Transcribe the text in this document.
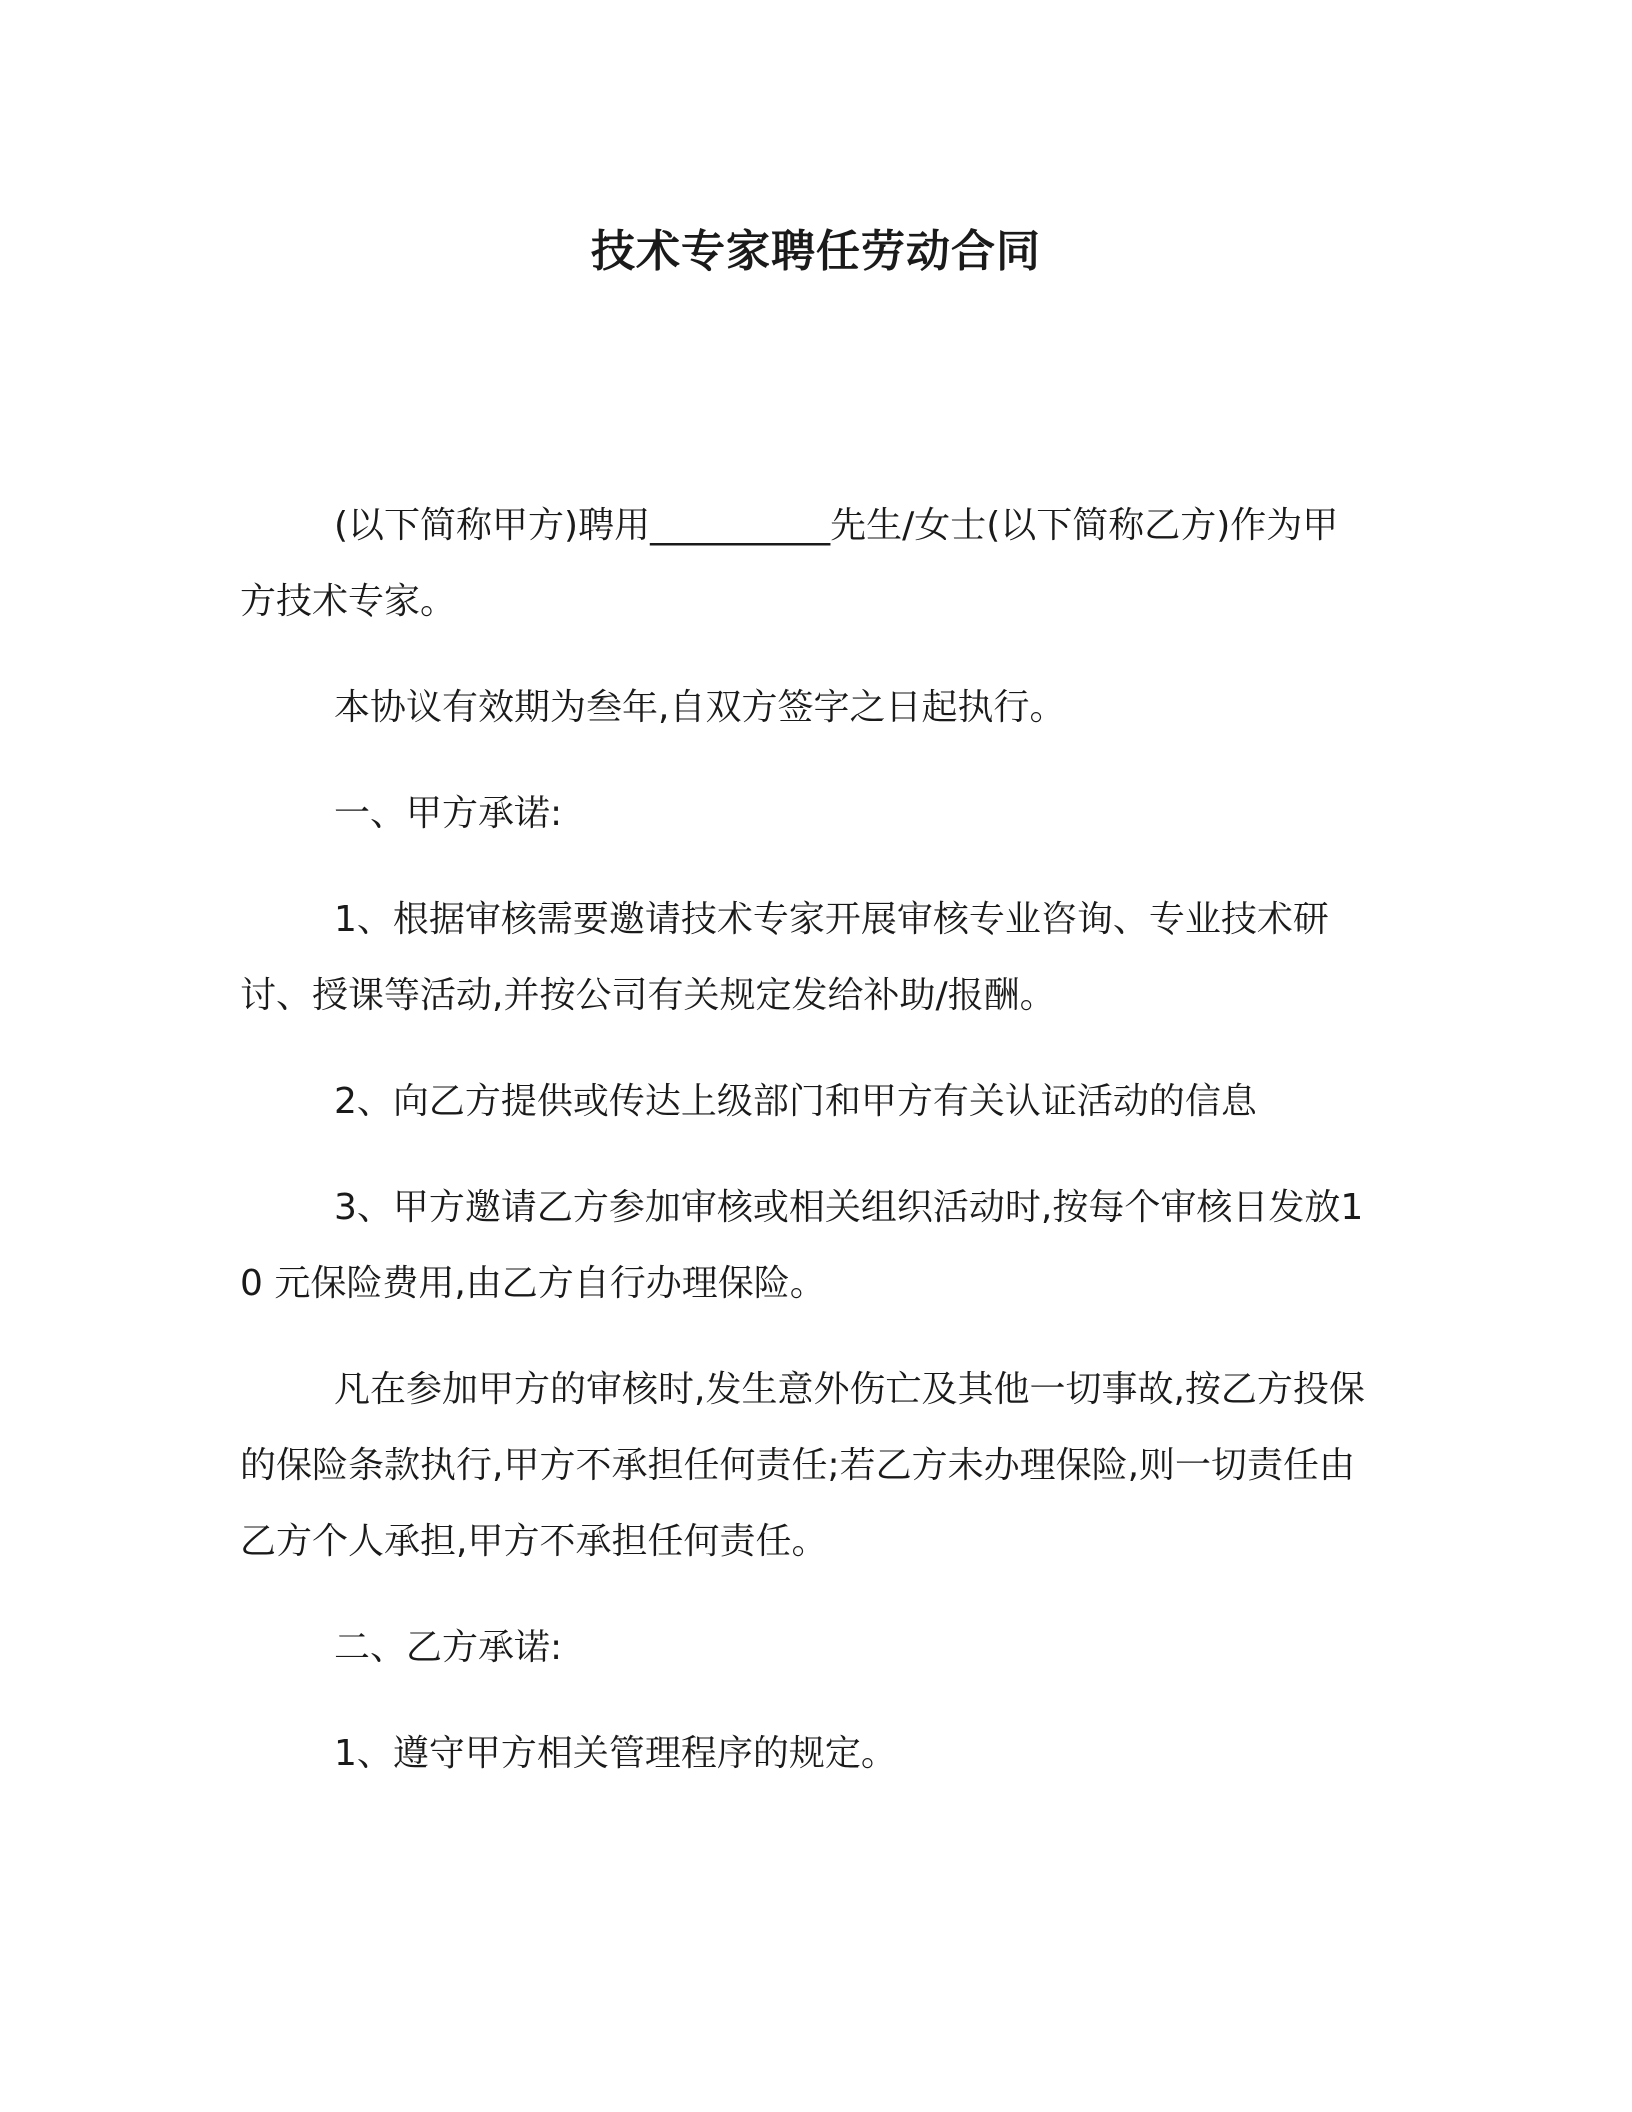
技术专家聘任劳动合同

(以下简称甲方)聘用__________先生/女士(以下简称乙方)作为甲方技术专家。

本协议有效期为叁年,自双方签字之日起执行。

一、甲方承诺:

1、根据审核需要邀请技术专家开展审核专业咨询、专业技术研讨、授课等活动,并按公司有关规定发给补助/报酬。

2、向乙方提供或传达上级部门和甲方有关认证活动的信息

3、甲方邀请乙方参加审核或相关组织活动时,按每个审核日发放10 元保险费用,由乙方自行办理保险。

凡在参加甲方的审核时,发生意外伤亡及其他一切事故,按乙方投保的保险条款执行,甲方不承担任何责任;若乙方未办理保险,则一切责任由乙方个人承担,甲方不承担任何责任。

二、乙方承诺:

1、遵守甲方相关管理程序的规定。
